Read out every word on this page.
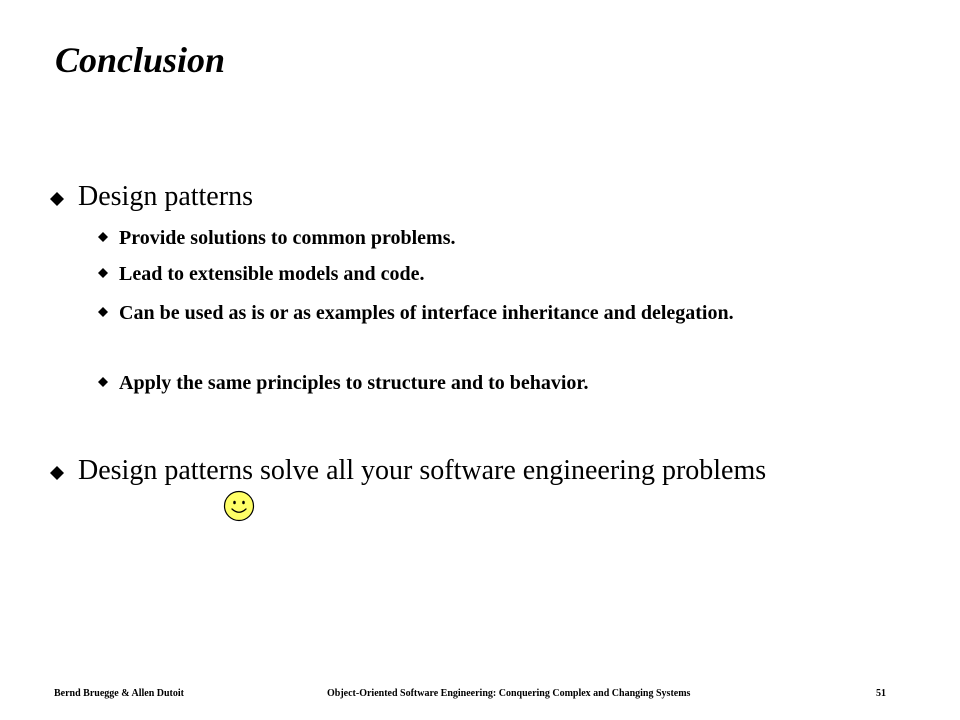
Conclusion
Design patterns
Provide solutions to common problems.
Lead to extensible models and code.
Can be used as is or as examples of interface inheritance and delegation.
Apply the same principles to structure and to behavior.
Design patterns solve all your software engineering problems
Bernd Bruegge & Allen Dutoit	Object-Oriented Software Engineering: Conquering Complex and Changing Systems	51
